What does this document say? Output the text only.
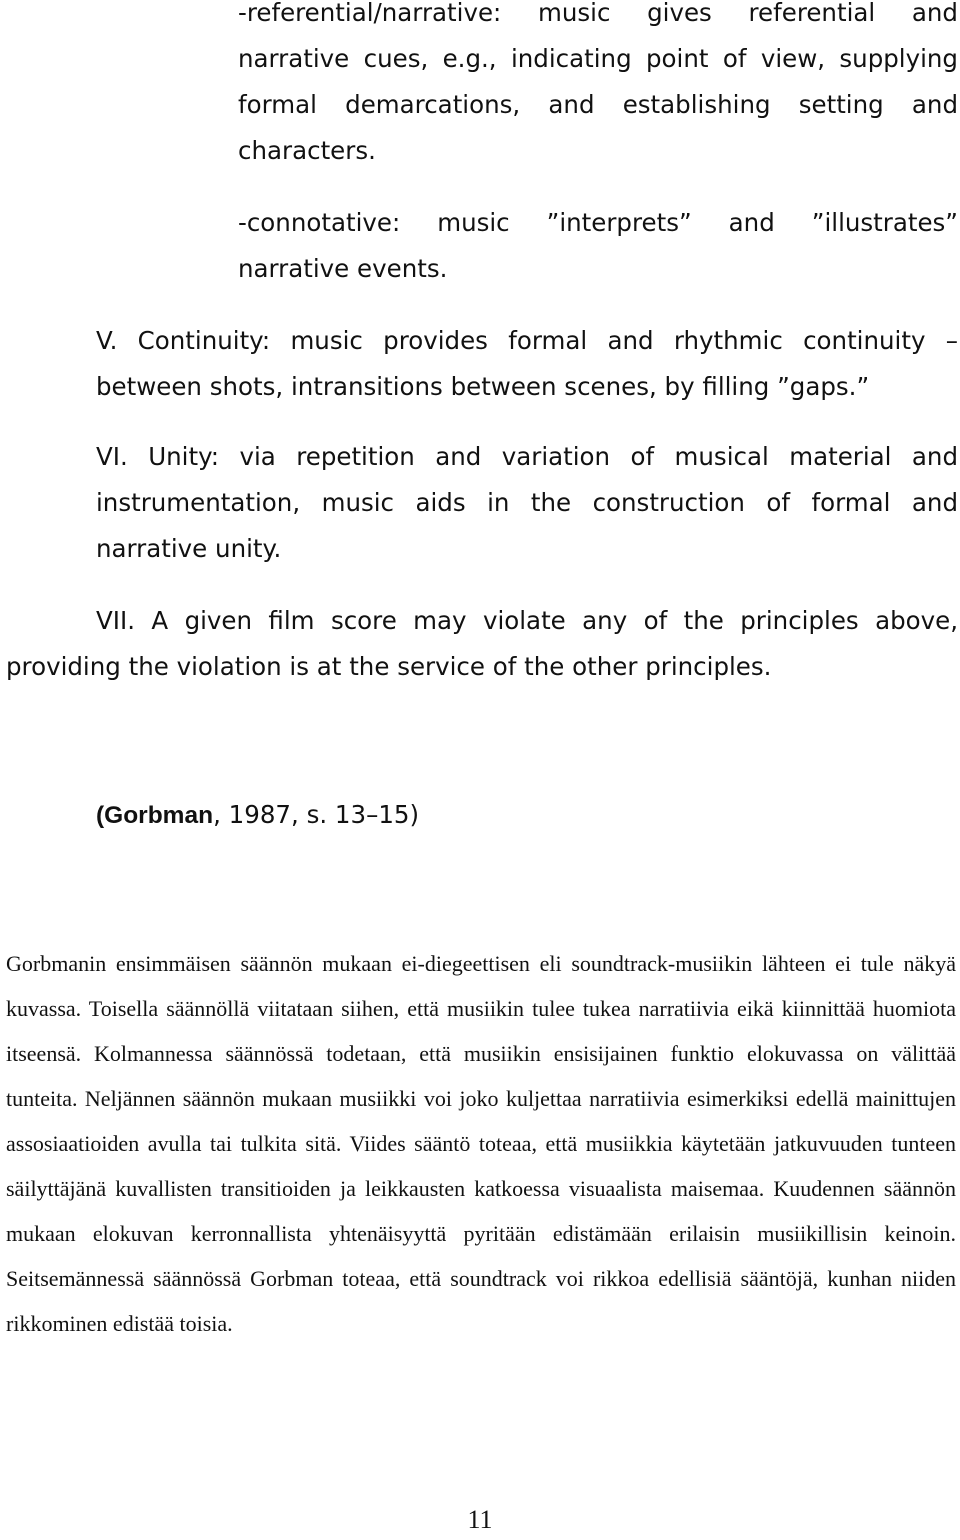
-referential/narrative: music gives referential and narrative cues, e.g., indicating point of view, supplying formal demarcations, and establishing setting and characters.

-connotative: music ”interprets” and ”illustrates” narrative events.

V. Continuity: music provides formal and rhythmic continuity – between shots, intransitions between scenes, by filling ”gaps.”

VI. Unity: via repetition and variation of musical material and instrumentation, music aids in the construction of formal and narrative unity.

VII. A given film score may violate any of the principles above, providing the violation is at the service of the other principles.

(Gorbman, 1987, s. 13–15)

Gorbmanin ensimmäisen säännön mukaan ei-diegeettisen eli soundtrack-musiikin lähteen ei tule näkyä kuvassa. Toisella säännöllä viitataan siihen, että musiikin tulee tukea narratiivia eikä kiinnittää huomiota itseensä. Kolmannessa säännössä todetaan, että musiikin ensisijainen funktio elokuvassa on välittää tunteita. Neljännen säännön mukaan musiikki voi joko kuljettaa narratiivia esimerkiksi edellä mainittujen assosiaatioiden avulla tai tulkita sitä. Viides sääntö toteaa, että musiikkia käytetään jatkuvuuden tunteen säilyttäjänä kuvallisten transitioiden ja leikkausten katkoessa visuaalista maisemaa. Kuudennen säännön mukaan elokuvan kerronnallista yhtenäisyyttä pyritään edistämään erilaisin musiikillisin keinoin. Seitsemännessä säännössä Gorbman toteaa, että soundtrack voi rikkoa edellisiä sääntöjä, kunhan niiden rikkominen edistää toisia.

11
